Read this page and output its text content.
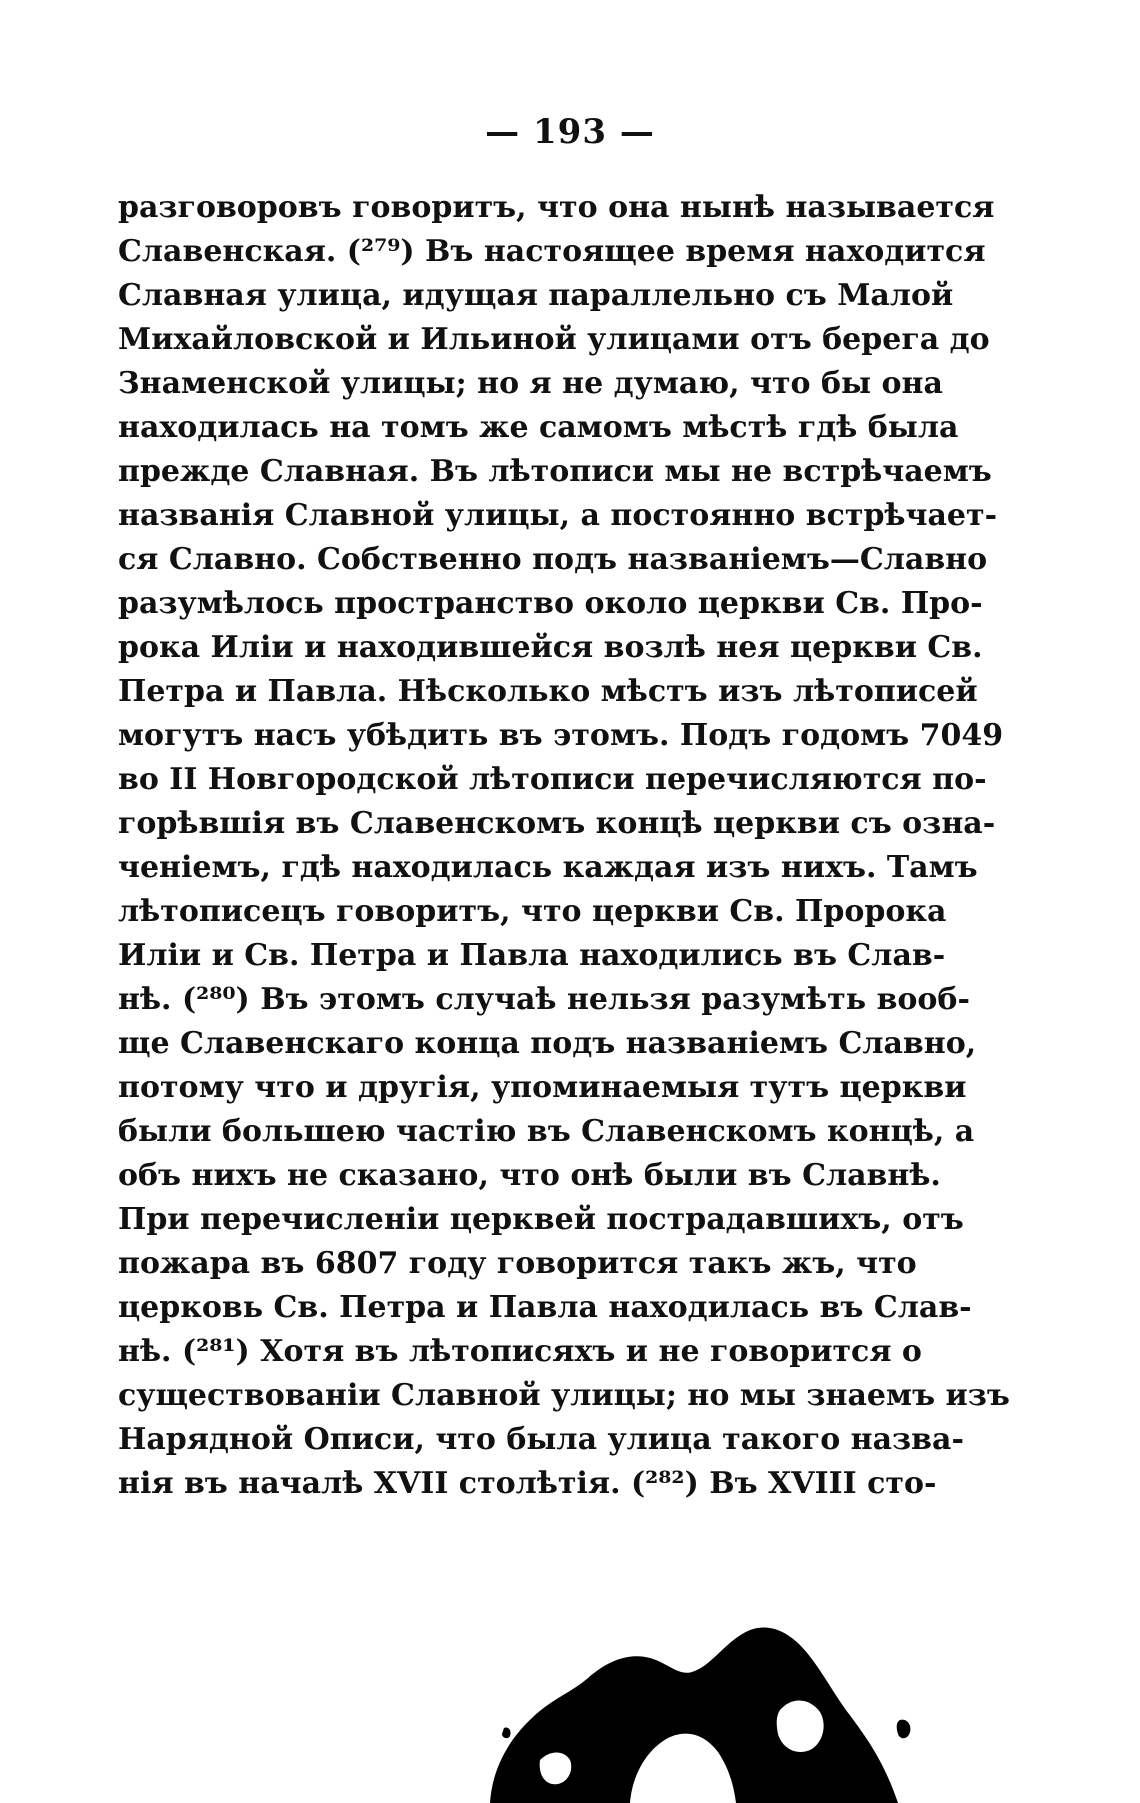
— 193 —
разговоровъ говоритъ, что она нынѣ называется
Славенская. (²⁷⁹) Въ настоящее время находится
Славная улица, идущая параллельно съ Малой
Михайловской и Ильиной улицами отъ берега до
Знаменской улицы; но я не думаю, что бы она
находилась на томъ же самомъ мѣстѣ гдѣ была
прежде Славная. Въ лѣтописи мы не встрѣчаемъ
названія Славной улицы, а постоянно встрѣчает-
ся Славно. Собственно подъ названіемъ—Славно
разумѣлось пространство около церкви Св. Про-
рока Иліи и находившейся возлѣ нея церкви Св.
Петра и Павла. Нѣсколько мѣстъ изъ лѣтописей
могутъ насъ убѣдить въ этомъ. Подъ годомъ 7049
во II Новгородской лѣтописи перечисляются по-
горѣвшія въ Славенскомъ концѣ церкви съ озна-
ченіемъ, гдѣ находилась каждая изъ нихъ. Тамъ
лѣтописецъ говоритъ, что церкви Св. Пророка
Иліи и Св. Петра и Павла находились въ Слав-
нѣ. (²⁸⁰) Въ этомъ случаѣ нельзя разумѣть вооб-
ще Славенскаго конца подъ названіемъ Славно,
потому что и другія, упоминаемыя тутъ церкви
были большею частію въ Славенскомъ концѣ, а
объ нихъ не сказано, что онѣ были въ Славнѣ.
При перечисленіи церквей пострадавшихъ, отъ
пожара въ 6807 году говорится такъ жъ, что
церковь Св. Петра и Павла находилась въ Слав-
нѣ. (²⁸¹) Хотя въ лѣтописяхъ и не говорится о
существованіи Славной улицы; но мы знаемъ изъ
Нарядной Описи, что была улица такого назва-
нія въ началѣ XVII столѣтія. (²⁸²) Въ XVIII сто-
